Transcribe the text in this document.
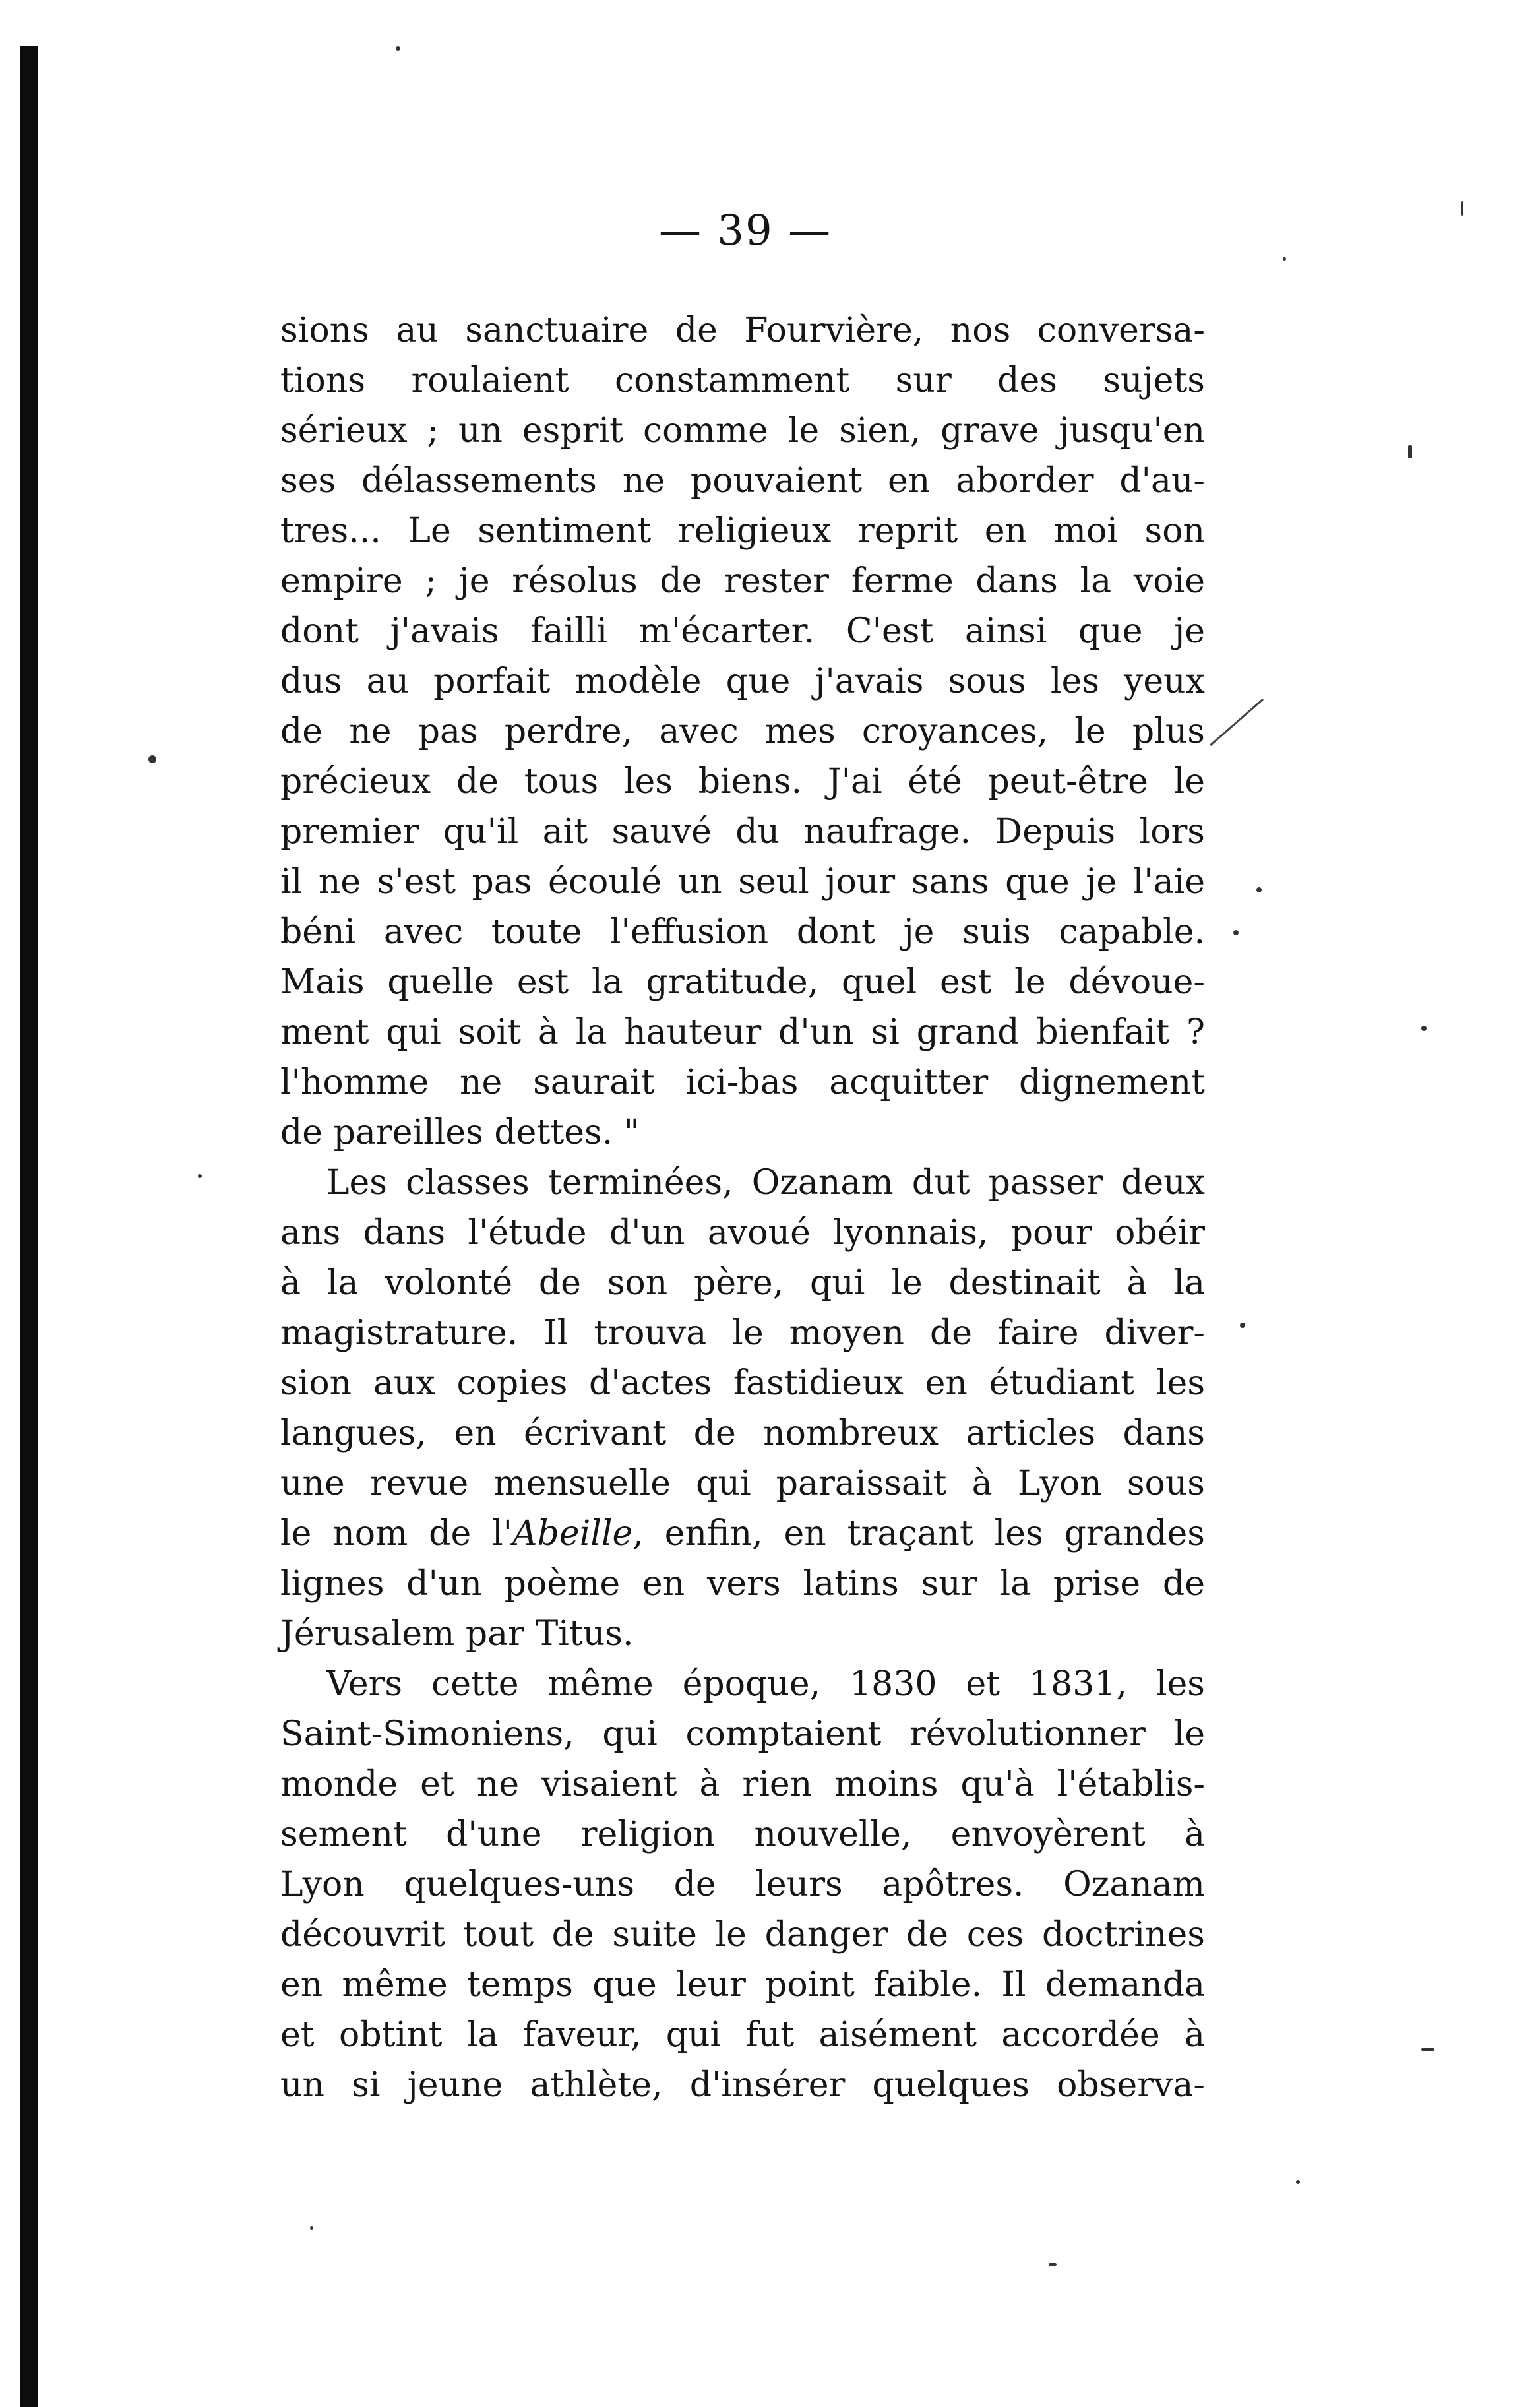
— 39 —
sions au sanctuaire de Fourvière, nos conversa-
tions roulaient constamment sur des sujets
sérieux ; un esprit comme le sien, grave jusqu'en
ses délassements ne pouvaient en aborder d'au-
tres... Le sentiment religieux reprit en moi son
empire ; je résolus de rester ferme dans la voie
dont j'avais failli m'écarter. C'est ainsi que je
dus au porfait modèle que j'avais sous les yeux
de ne pas perdre, avec mes croyances, le plus
précieux de tous les biens. J'ai été peut-être le
premier qu'il ait sauvé du naufrage. Depuis lors
il ne s'est pas écoulé un seul jour sans que je l'aie
béni avec toute l'effusion dont je suis capable.
Mais quelle est la gratitude, quel est le dévoue-
ment qui soit à la hauteur d'un si grand bienfait ?
l'homme ne saurait ici-bas acquitter dignement
de pareilles dettes. "
Les classes terminées, Ozanam dut passer deux
ans dans l'étude d'un avoué lyonnais, pour obéir
à la volonté de son père, qui le destinait à la
magistrature. Il trouva le moyen de faire diver-
sion aux copies d'actes fastidieux en étudiant les
langues, en écrivant de nombreux articles dans
une revue mensuelle qui paraissait à Lyon sous
le nom de l'Abeille, enfin, en traçant les grandes
lignes d'un poème en vers latins sur la prise de
Jérusalem par Titus.
Vers cette même époque, 1830 et 1831, les
Saint-Simoniens, qui comptaient révolutionner le
monde et ne visaient à rien moins qu'à l'établis-
sement d'une religion nouvelle, envoyèrent à
Lyon quelques-uns de leurs apôtres. Ozanam
découvrit tout de suite le danger de ces doctrines
en même temps que leur point faible. Il demanda
et obtint la faveur, qui fut aisément accordée à
un si jeune athlète, d'insérer quelques observa-
